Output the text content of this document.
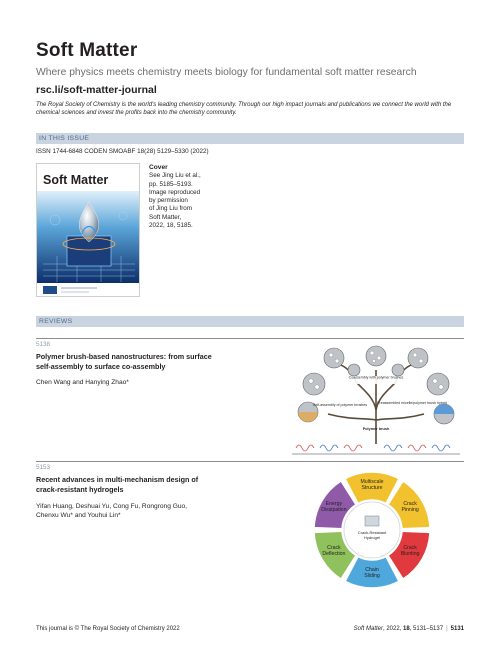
Soft Matter
Where physics meets chemistry meets biology for fundamental soft matter research
rsc.li/soft-matter-journal
The Royal Society of Chemistry is the world's leading chemistry community. Through our high impact journals and publications we connect the world with the chemical sciences and invest the profits back into the chemistry community.
IN THIS ISSUE
ISSN 1744-6848 CODEN SMOABF 18(28) 5129–5330 (2022)
Soft Matter
Cover
See Jing Liu et al.,
pp. 5185–5193.
Image reproduced
by permission
of Jing Liu from
Soft Matter,
2022, 18, 5185.
REVIEWS
5138
Polymer brush-based nanostructures: from surface
self-assembly to surface co-assembly
Chen Wang and Hanying Zhao*
Coassembly with polymer brushes
Self-assembly of polymer brushes	Preassembled micelle/polymer brush hybrid
Polymer brush
5153
Recent advances in multi-mechanism design of
crack-resistant hydrogels
Yifan Huang, Deshuai Yu, Cong Fu, Rongrong Guo,
Chenxu Wu* and Youhui Lin*
Multiscale Structure
Crack Pinning
Crack Blunting
Chain Sliding
Crack Deflection
Energy Dissipation
Crack-Resistant Hydrogel
This journal is © The Royal Society of Chemistry 2022	Soft Matter, 2022, 18, 5131–5137 | 5131
